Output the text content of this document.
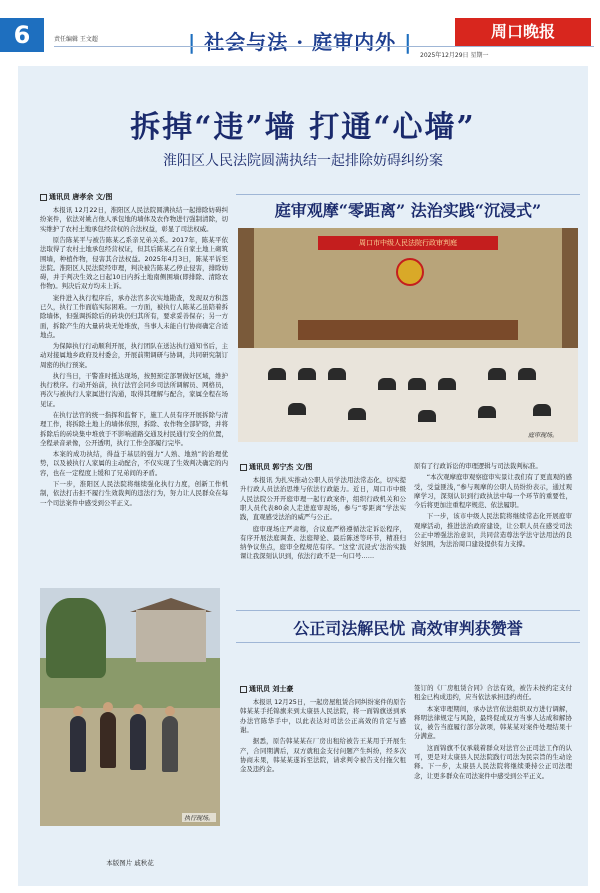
6	责任编辑 王文超	| 社会与法 · 庭审内外 |	周口晚报
2025年12月29日 星期一
拆掉“违”墙 打通“心墙”
淮阳区人民法院圆满执结一起排除妨碍纠纷案
通讯员 唐孝余 文/图

本报讯 12月22日，淮阳区人民法院圆满执结一起排除妨碍纠纷案件，依法对姚占他人承包地的墙体及农作物进行强制清除，切实维护了农村土地承包经营权的合法权益，彰显了司法权威。

原告陈某平与被告陈某乙系亲兄弟关系。2017年，陈某平依法取得了农村土地承包经营权证，但其后陈某乙在自家土地上砌筑围墙，种植作物，侵害其合法权益。2025年4月3日，陈某平诉至法院。淮阳区人民法院经审理，判决被告陈某乙停止侵害，排除妨碍，并于判决生效之日起10日内拆土地南侧围墙(即排除、清除农作物)。判决后双方均未上诉。

案件进入执行程序后，承办法官多次实地勘查，发现双方积怨已久，执行工作面临实际困难。一方面，被执行人陈某乙虽陪着拆除墙体，但强调拆除后的砖块仍归其所有，要求妥善保存；另一方面，拆除产生的大量砖块无处堆放，当事人未能自行协商确定合适地点。

为保障执行行动顺利开展，执行团队在送达执行通知书后，主动对接属地乡政府及村委会，开展前期调研与协调，共同研究制订周密的执行预案。

执行当日，干警准时抵达现场，按照预定部署做好区域，维护执行秩序。行动开始前，执行法官会同乡司法所调解员、网格员，再次与被执行人家属进行沟通，取得其理解与配合，家属全程在场见证。

在执行法官的统一指挥和监督下，施工人员有序开展拆除与清理工作，将拆除土地上的墙体依照，拆除、农作物全部铲除，并将拆除后的砖块集中堆放于不影响道路交通及村民通行安全的位置，全程录音录像，公开透明，执行工作全部履行完毕。

本案的成功执结，得益于基层的强力“人熟、地熟”的治理优势，以及被执行人家属的主动配合，不仅实现了生效判决确定的内容，也在一定程度上缓和了兄弟间的矛盾。

下一步，淮阳区人民法院将继续强化执行力度，创新工作机制，依法打击拒不履行生效裁判的违法行为，努力让人民群众在每一个司法案件中感受到公平正义。

执行现场。
本版图片 戚秋花
庭审观摩“零距离” 法治实践“沉浸式”
周口市中级人民法院行政审判庭
庭审现场。
通讯员 郭宁杰 文/图

本报讯 为扎实推动公职人员学法用法常态化，切实提升行政人员法治思维与依法行政能力。近日，周口市中级人民法院公开开庭审理一起行政案件，组织行政机关和公职人员代表80余人走进庭审现场，参与“零距离”学法实践，直观感受法治的威严与公正。

庭审现场庄严肃穆，合议庭严格遵循法定诉讼程序，有序开展法庭调查、法庭辩论、最后陈述等环节，精准归纳争议焦点，庭审全程规范有序。“这堂‘沉浸式’法治实践课让我深刻认识到，依法行政不是一句口号……

原有了行政诉讼的审理逻辑与司法裁判标准。

“本次观摩庭审观察庭审实景让我们有了更直观的感受，受益匪浅，”参与观摩的公职人员纷纷表示，通过观摩学习，深刻认识到行政执法中每一个环节的重要性，今后将更加注重程序规范、依法履职。

下一步，该市中级人民法院将继续常态化开展庭审观摩活动，推进法治政府建设，让公职人员在感受司法公正中增强法治意识，共同营造尊法学法守法用法的良好氛围，为法治周口建设提供有力支撑。

公正司法解民忧 高效审判获赞誉
通讯员 刘士豪

本报讯 12月25日，一起房屋租赁合同纠纷案件的原告韩某某手托锦旗来到太康县人民法院，将一面锦旗送到承办法官陈华手中，以此表达对司法公正高效的肯定与感谢。

据悉，原告韩某某在厂房出租给被告王某用于开展生产，合同期满后，双方就租金支付问题产生纠纷，经多次协商未果，韩某某遂诉至法院，请求判令被告支付拖欠租金及违约金。

签订的《厂房租赁合同》合法有效，被告未按约定支付租金已构成违约，应当依法承担违约责任。

本案审理期间，承办法官依法组织双方进行调解，释明法律规定与风险，最终促成双方当事人达成和解协议，被告当庭履行部分款项，韩某某对案件处理结果十分满意。

这面锦旗不仅承载着群众对法官公正司法工作的认可，更是对太康县人民法院践行司法为民宗旨的生动诠释。下一步，太康县人民法院将继续秉持公正司法理念，让更多群众在司法案件中感受到公平正义。
